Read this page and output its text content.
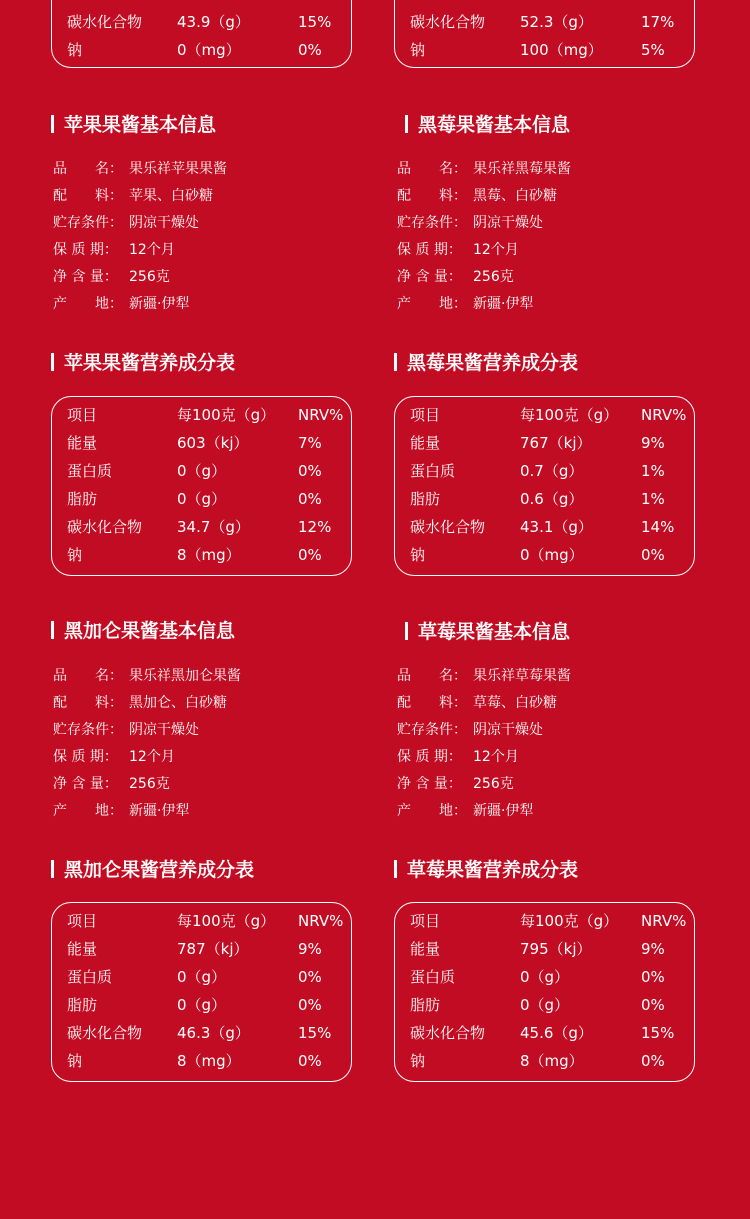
碳水化合物	43.9（g）	15%
钠	0（mg）	0%
碳水化合物	52.3（g）	17%
钠	100（mg）	5%
苹果果酱基本信息
品　　名： 果乐祥苹果果酱
配　　料： 苹果、白砂糖
贮存条件： 阴凉干燥处
保 质 期： 12个月
净 含 量： 256克
产　　地： 新疆·伊犁
苹果果酱营养成分表
项目	每100克（g）	NRV%
能量	603（kj）	7%
蛋白质	0（g）	0%
脂肪	0（g）	0%
碳水化合物	34.7（g）	12%
钠	8（mg）	0%
黑莓果酱基本信息
品　　名： 果乐祥黑莓果酱
配　　料： 黑莓、白砂糖
贮存条件： 阴凉干燥处
保 质 期： 12个月
净 含 量： 256克
产　　地： 新疆·伊犁
黑莓果酱营养成分表
项目	每100克（g）	NRV%
能量	767（kj）	9%
蛋白质	0.7（g）	1%
脂肪	0.6（g）	1%
碳水化合物	43.1（g）	14%
钠	0（mg）	0%
黑加仑果酱基本信息
品　　名： 果乐祥黑加仑果酱
配　　料： 黑加仑、白砂糖
贮存条件： 阴凉干燥处
保 质 期： 12个月
净 含 量： 256克
产　　地： 新疆·伊犁
黑加仑果酱营养成分表
项目	每100克（g）	NRV%
能量	787（kj）	9%
蛋白质	0（g）	0%
脂肪	0（g）	0%
碳水化合物	46.3（g）	15%
钠	8（mg）	0%
草莓果酱基本信息
品　　名： 果乐祥草莓果酱
配　　料： 草莓、白砂糖
贮存条件： 阴凉干燥处
保 质 期： 12个月
净 含 量： 256克
产　　地： 新疆·伊犁
草莓果酱营养成分表
项目	每100克（g）	NRV%
能量	795（kj）	9%
蛋白质	0（g）	0%
脂肪	0（g）	0%
碳水化合物	45.6（g）	15%
钠	8（mg）	0%
